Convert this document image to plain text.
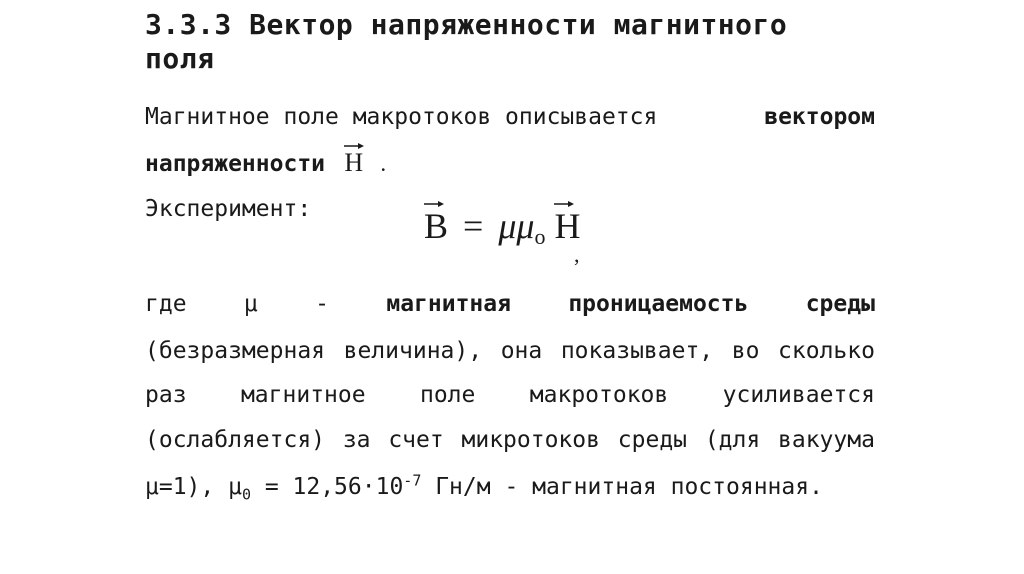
3.3.3 Вектор напряженности магнитного
поля
Магнитное поле макротоков описывается	вектором
напряженности H .
Эксперимент:	B = μμo H
,
где μ - магнитная проницаемость среды
(безразмерная величина), она показывает, во сколько
раз магнитное поле макротоков усиливается
(ослабляется) за счет микротоков среды (для вакуума
μ=1), $\mu_0 = 12,56\cdot 10^{-7}$ Гн/м - магнитная постоянная.
